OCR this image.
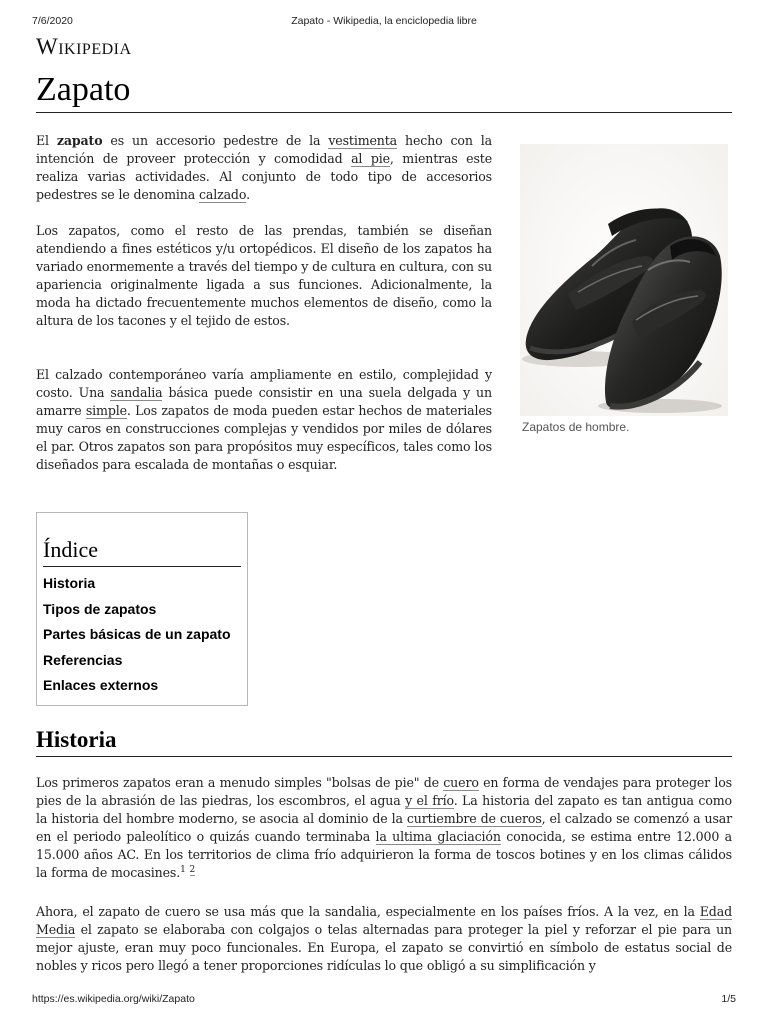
7/6/2020	Zapato - Wikipedia, la enciclopedia libre
Wikipedia
Zapato

El zapato es un accesorio pedestre de la vestimenta hecho con la intención de proveer protección y comodidad al pie, mientras este realiza varias actividades. Al conjunto de todo tipo de accesorios pedestres se le denomina calzado.

Los zapatos, como el resto de las prendas, también se diseñan atendiendo a fines estéticos y/u ortopédicos. El diseño de los zapatos ha variado enormemente a través del tiempo y de cultura en cultura, con su apariencia originalmente ligada a sus funciones. Adicionalmente, la moda ha dictado frecuentemente muchos elementos de diseño, como la altura de los tacones y el tejido de estos.

El calzado contemporáneo varía ampliamente en estilo, complejidad y costo. Una sandalia básica puede consistir en una suela delgada y un amarre simple. Los zapatos de moda pueden estar hechos de materiales muy caros en construcciones complejas y vendidos por miles de dólares el par. Otros zapatos son para propósitos muy específicos, tales como los diseñados para escalada de montañas o esquiar.

Zapatos de hombre.
Índice
Historia
Tipos de zapatos
Partes básicas de un zapato
Referencias
Enlaces externos
Historia

Los primeros zapatos eran a menudo simples "bolsas de pie" de cuero en forma de vendajes para proteger los pies de la abrasión de las piedras, los escombros, el agua y el frío. La historia del zapato es tan antigua como la historia del hombre moderno, se asocia al dominio de la curtiembre de cueros, el calzado se comenzó a usar en el periodo paleolítico o quizás cuando terminaba la ultima glaciación conocida, se estima entre 12.000 a 15.000 años AC. En los territorios de clima frío adquirieron la forma de toscos botines y en los climas cálidos la forma de mocasines.$^1$ $^2$

Ahora, el zapato de cuero se usa más que la sandalia, especialmente en los países fríos. A la vez, en la Edad Media el zapato se elaboraba con colgajos o telas alternadas para proteger la piel y reforzar el pie para un mejor ajuste, eran muy poco funcionales. En Europa, el zapato se convirtió en símbolo de estatus social de nobles y ricos pero llegó a tener proporciones ridículas lo que obligó a su simplificación y

https://es.wikipedia.org/wiki/Zapato	1/5
